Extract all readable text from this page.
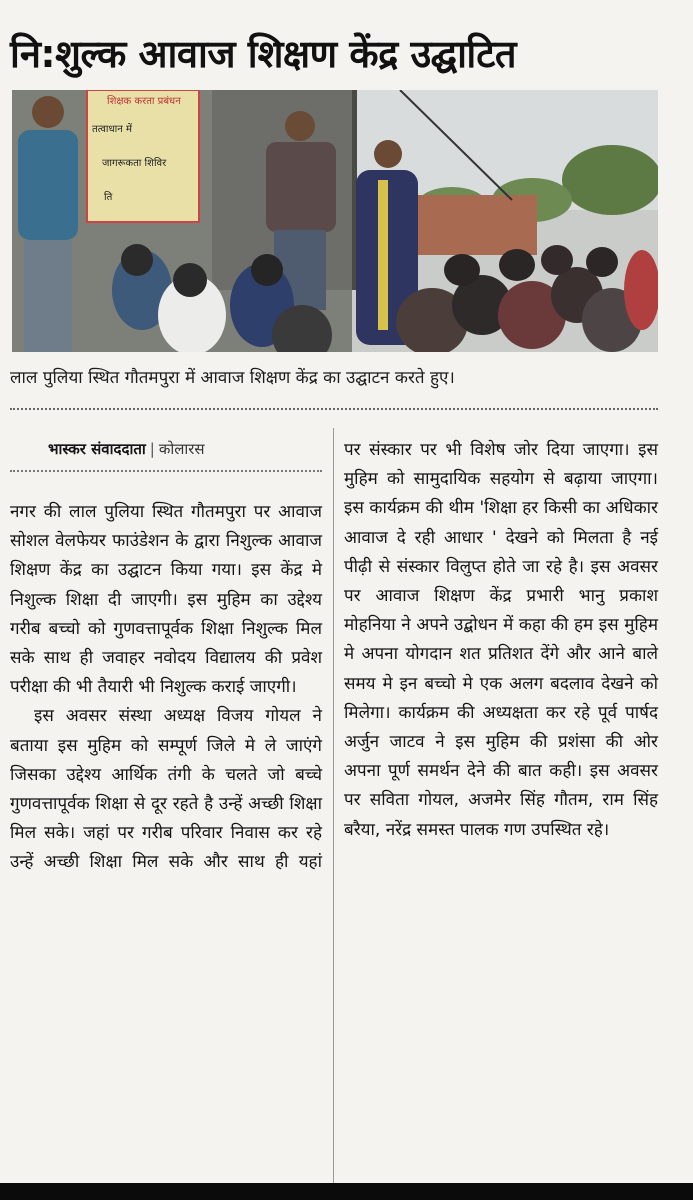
नि:शुल्क आवाज शिक्षण केंद्र उद्घाटित
शिक्षक करता प्रबंधन
तत्वाधान में
जागरूकता शिविर
ति

लाल पुलिया स्थित गौतमपुरा में आवाज शिक्षण केंद्र का उद्घाटन करते हुए।

भास्कर संवाददाता | कोलारस

नगर की लाल पुलिया स्थित गौतमपुरा पर आवाज सोशल वेलफेयर फाउंडेशन के द्वारा निशुल्क आवाज शिक्षण केंद्र का उद्घाटन किया गया। इस केंद्र मे निशुल्क शिक्षा दी जाएगी। इस मुहिम का उद्देश्य गरीब बच्चो को गुणवत्तापूर्वक शिक्षा निशुल्क मिल सके साथ ही जवाहर नवोदय विद्यालय की प्रवेश परीक्षा की भी तैयारी भी निशुल्क कराई जाएगी।

इस अवसर संस्था अध्यक्ष विजय गोयल ने बताया इस मुहिम को सम्पूर्ण जिले मे ले जाएंगे जिसका उद्देश्य आर्थिक तंगी के चलते जो बच्चे गुणवत्तापूर्वक शिक्षा से दूर रहते है उन्हें अच्छी शिक्षा मिल सके। जहां पर गरीब परिवार निवास कर रहे उन्हें अच्छी शिक्षा मिल सके और साथ ही यहां

पर संस्कार पर भी विशेष जोर दिया जाएगा। इस मुहिम को सामुदायिक सहयोग से बढ़ाया जाएगा। इस कार्यक्रम की थीम 'शिक्षा हर किसी का अधिकार आवाज दे रही आधार ' देखने को मिलता है नई पीढ़ी से संस्कार विलुप्त होते जा रहे है। इस अवसर पर आवाज शिक्षण केंद्र प्रभारी भानु प्रकाश मोहनिया ने अपने उद्बोधन में कहा की हम इस मुहिम मे अपना योगदान शत प्रतिशत देंगे और आने बाले समय मे इन बच्चो मे एक अलग बदलाव देखने को मिलेगा। कार्यक्रम की अध्यक्षता कर रहे पूर्व पार्षद अर्जुन जाटव ने इस मुहिम की प्रशंसा की ओर अपना पूर्ण समर्थन देने की बात कही। इस अवसर पर सविता गोयल, अजमेर सिंह गौतम, राम सिंह बरैया, नरेंद्र समस्त पालक गण उपस्थित रहे।
